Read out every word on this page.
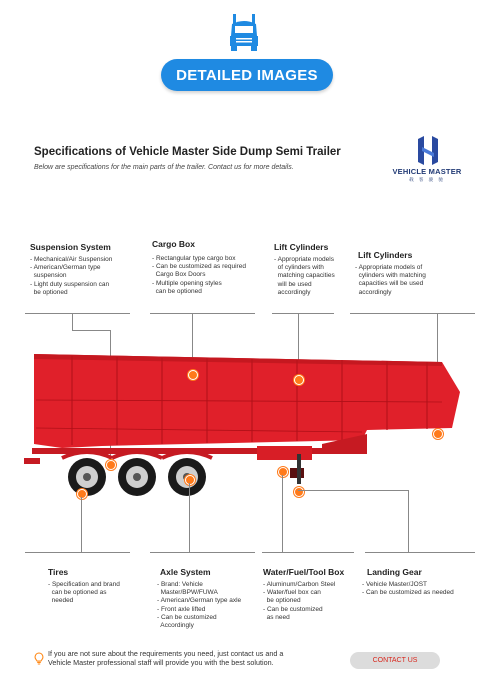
DETAILED IMAGES
Specifications of Vehicle Master Side Dump Semi Trailer
Below are specifications for the main parts of the trailer. Contact us for more details.	VEHICLE MASTER
载 客 骏 驰
Suspension System
- Mechanical/Air Suspension
- American/German type
suspension
- Light duty suspension can
be optioned
Cargo Box
- Rectangular type cargo box
- Can be customized as required
Cargo Box Doors
- Multiple opening styles
can be optioned
Lift Cylinders
- Appropriate models
of cylinders with
matching capacities
will be used
accordingly
Lift Cylinders
- Appropriate models of
cylinders with matching
capacities will be used
accordingly
Tires
- Specification and brand
can be optioned as
needed
Axle System
- Brand: Vehicle
Master/BPW/FUWA
- American/German type axle
- Front axle lifted
- Can be customized
Accordingly
Water/Fuel/Tool Box
- Aluminum/Carbon Steel
- Water/fuel box can
be optioned
- Can be customized
as need
Landing Gear
- Vehicle Master/JOST
- Can be customized as needed
If you are not sure about the requirements you need, just contact us and a
Vehicle Master professional staff will provide you with the best solution.	CONTACT US
